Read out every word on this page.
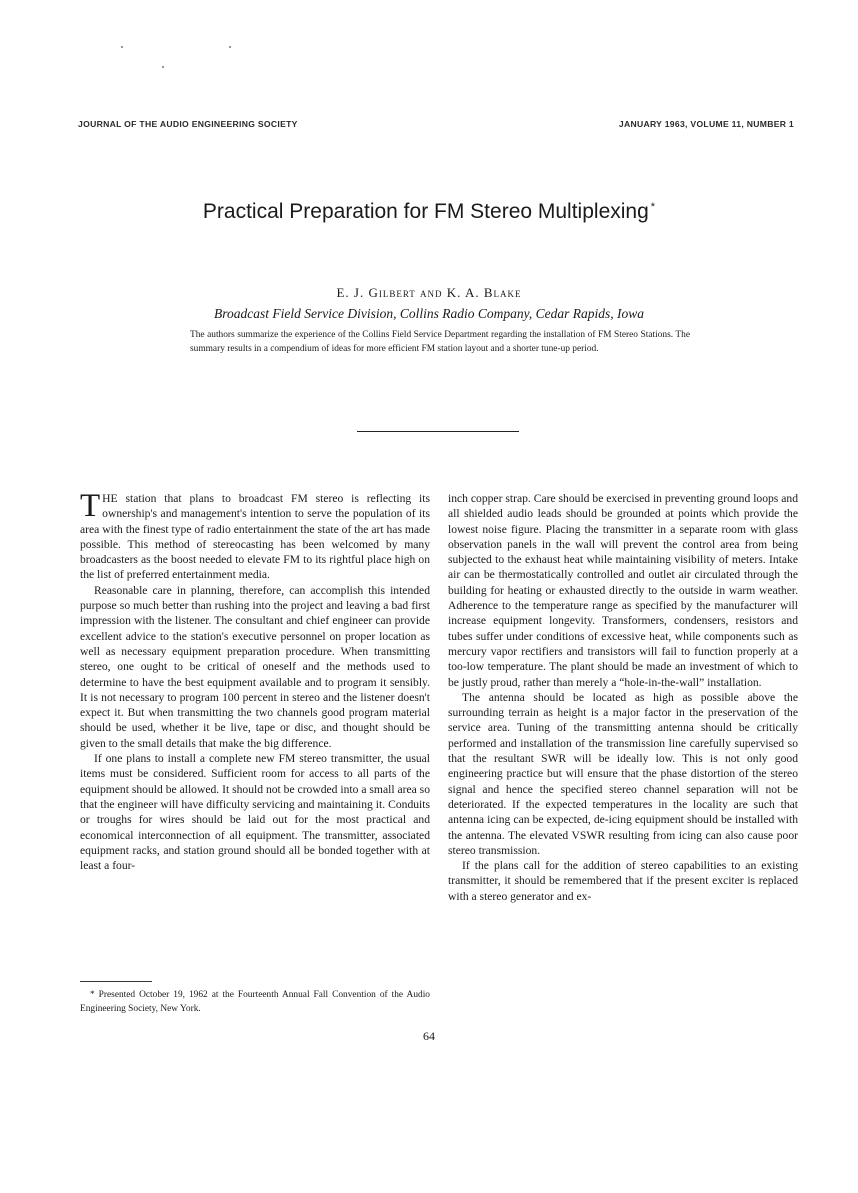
JOURNAL OF THE AUDIO ENGINEERING SOCIETY	JANUARY 1963, VOLUME 11, NUMBER 1
Practical Preparation for FM Stereo Multiplexing *
E. J. Gilbert and K. A. Blake
Broadcast Field Service Division, Collins Radio Company, Cedar Rapids, Iowa
The authors summarize the experience of the Collins Field Service Department regarding the installation of FM Stereo Stations. The summary results in a compendium of ideas for more efficient FM station layout and a shorter tune-up period.

THE station that plans to broadcast FM stereo is reflecting its ownership's and management's intention to serve the population of its area with the finest type of radio entertainment the state of the art has made possible. This method of stereocasting has been welcomed by many broadcasters as the boost needed to elevate FM to its rightful place high on the list of preferred entertainment media.

Reasonable care in planning, therefore, can accomplish this intended purpose so much better than rushing into the project and leaving a bad first impression with the listener. The consultant and chief engineer can provide excellent advice to the station's executive personnel on proper location as well as necessary equipment preparation procedure. When transmitting stereo, one ought to be critical of oneself and the methods used to determine to have the best equipment available and to program it sensibly. It is not necessary to program 100 percent in stereo and the listener doesn't expect it. But when transmitting the two channels good program material should be used, whether it be live, tape or disc, and thought should be given to the small details that make the big difference.

If one plans to install a complete new FM stereo transmitter, the usual items must be considered. Sufficient room for access to all parts of the equipment should be allowed. It should not be crowded into a small area so that the engineer will have difficulty servicing and maintaining it. Conduits or troughs for wires should be laid out for the most practical and economical interconnection of all equipment. The transmitter, associated equipment racks, and station ground should all be bonded together with at least a four-

inch copper strap. Care should be exercised in preventing ground loops and all shielded audio leads should be grounded at points which provide the lowest noise figure. Placing the transmitter in a separate room with glass observation panels in the wall will prevent the control area from being subjected to the exhaust heat while maintaining visibility of meters. Intake air can be thermostatically controlled and outlet air circulated through the building for heating or exhausted directly to the outside in warm weather. Adherence to the temperature range as specified by the manufacturer will increase equipment longevity. Transformers, condensers, resistors and tubes suffer under conditions of excessive heat, while components such as mercury vapor rectifiers and transistors will fail to function properly at a too-low temperature. The plant should be made an investment of which to be justly proud, rather than merely a “hole-in-the-wall” installation.

The antenna should be located as high as possible above the surrounding terrain as height is a major factor in the preservation of the service area. Tuning of the transmitting antenna should be critically performed and installation of the transmission line carefully supervised so that the resultant SWR will be ideally low. This is not only good engineering practice but will ensure that the phase distortion of the stereo signal and hence the specified stereo channel separation will not be deteriorated. If the expected temperatures in the locality are such that antenna icing can be expected, de-icing equipment should be installed with the antenna. The elevated VSWR resulting from icing can also cause poor stereo transmission.

If the plans call for the addition of stereo capabilities to an existing transmitter, it should be remembered that if the present exciter is replaced with a stereo generator and ex-

* Presented October 19, 1962 at the Fourteenth Annual Fall Convention of the Audio Engineering Society, New York.
64
